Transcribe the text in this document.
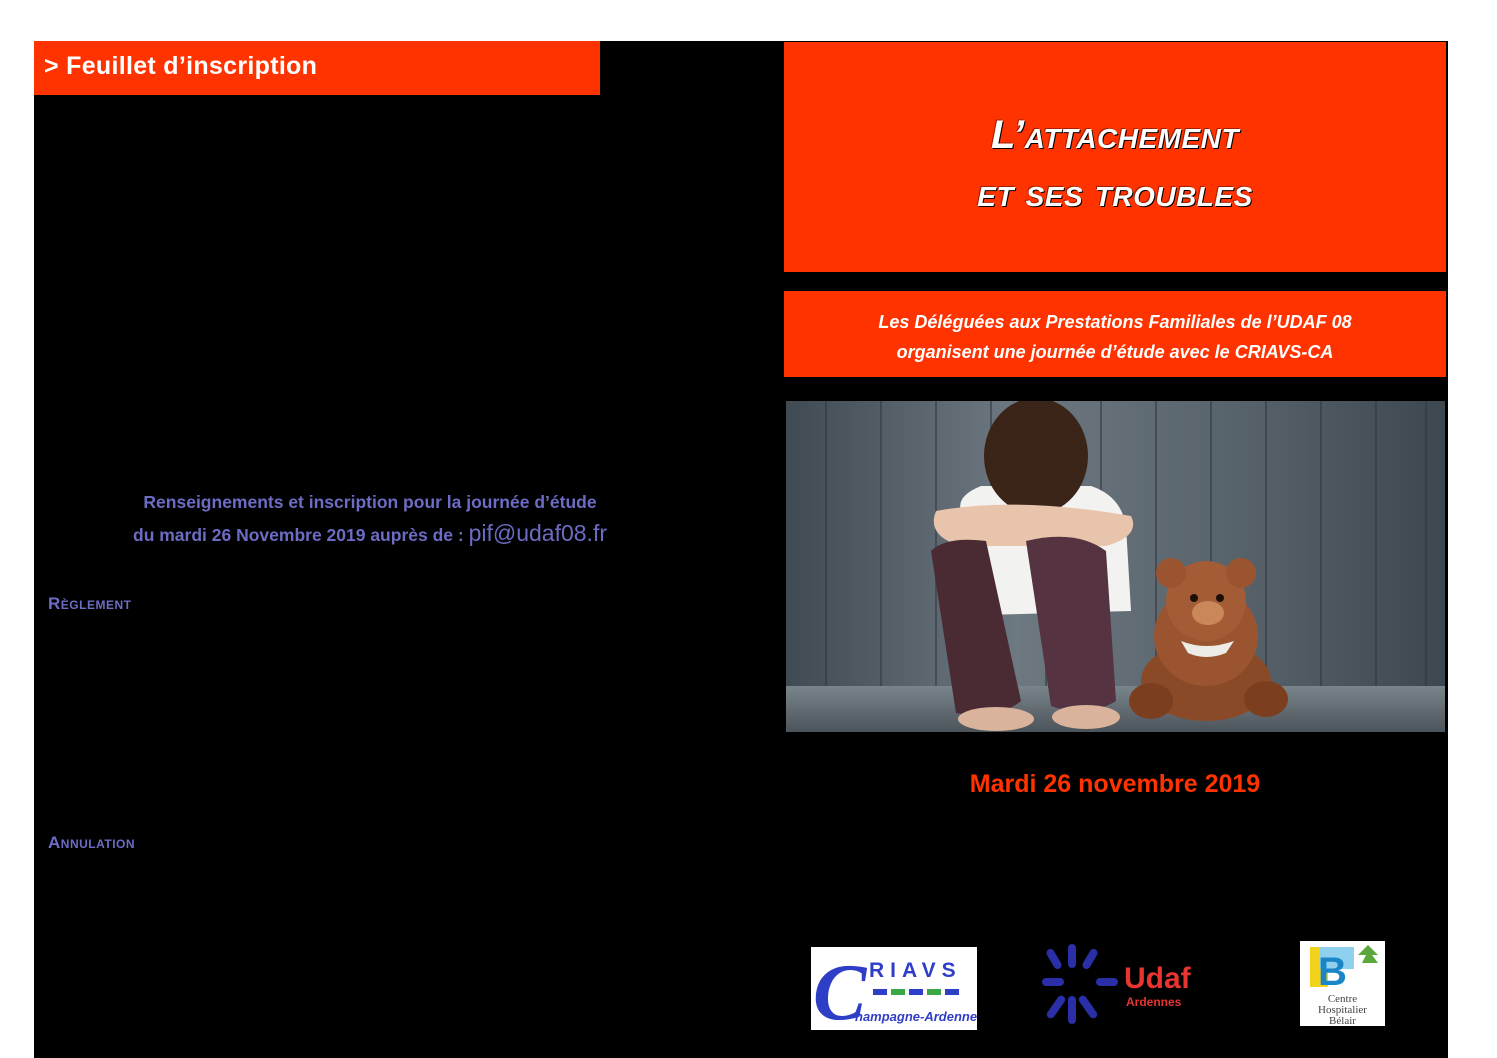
> Feuillet d’inscription
Renseignements et inscription pour la journée d’étude
du mardi 26 Novembre 2019 auprès de : pif@udaf08.fr
Règlement
Annulation
L’attachement
et ses troubles
Les Déléguées aux Prestations Familiales de l’UDAF 08
organisent une journée d’étude avec le CRIAVS-CA
Mardi 26 novembre 2019
C RIAVS
hampagne-Ardenne
Udaf
Ardennes
B
Centre
Hospitalier
Bélair
